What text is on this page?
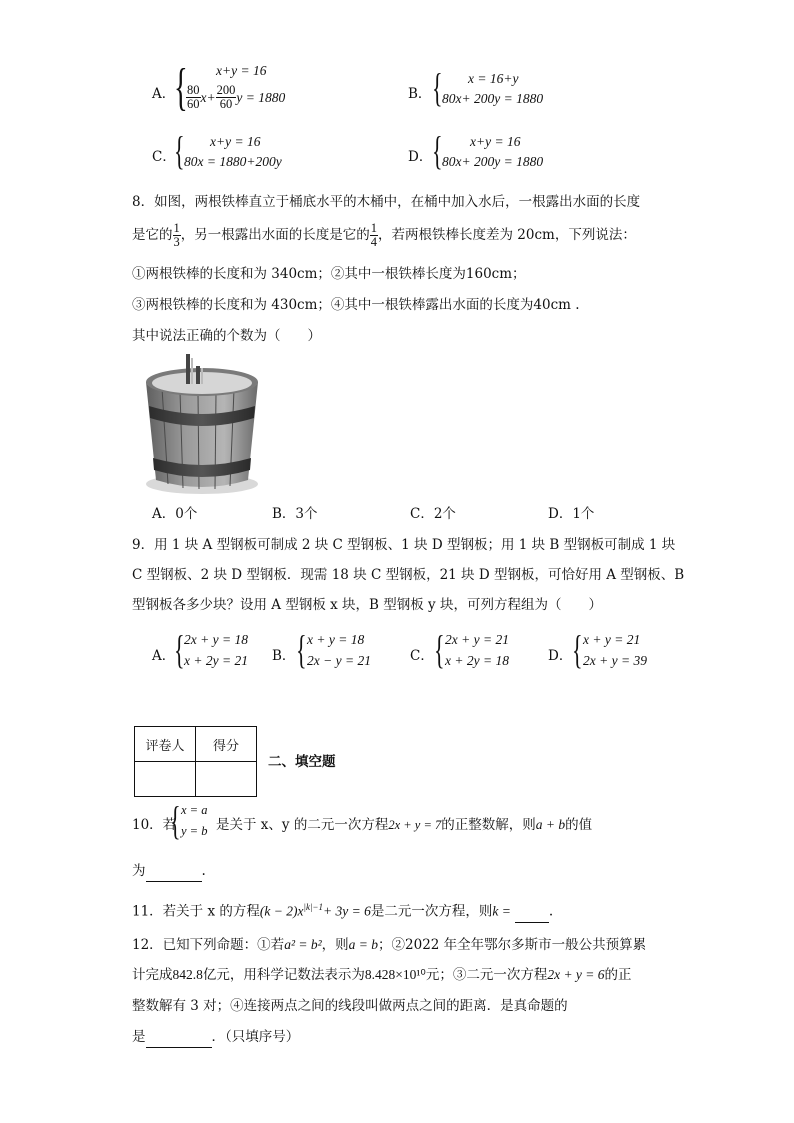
A．
{ x+y = 16
$\frac{80}{60} x+ \frac{200}{60}$ y = 1880	B． { x = 16+y
80x+ 200y = 1880
C．
{ x+y = 16
80x = 1880+200y	D． { x+y = 16
80x+ 200y = 1880
8．如图，两根铁棒直立于桶底水平的木桶中，在桶中加入水后，一根露出水面的长度
是它的 $\frac{1}{3}$ ，另一根露出水面的长度是它的 $\frac{1}{4}$ ，若两根铁棒长度差为 20cm，下列说法：
①两根铁棒的长度和为 340cm；②其中一根铁棒长度为160cm；
③两根铁棒的长度和为 430cm；④其中一根铁棒露出水面的长度为40cm .
其中说法正确的个数为（　　）
A．0个	B．3个	C．2个	D．1个
9．用 1 块 A 型钢板可制成 2 块 C 型钢板、1 块 D 型钢板；用 1 块 B 型钢板可制成 1 块
C 型钢板、2 块 D 型钢板．现需 18 块 C 型钢板，21 块 D 型钢板，可恰好用 A 型钢板、B
型钢板各多少块？设用 A 型钢板 x 块，B 型钢板 y 块，可列方程组为（　　）
A．
{ 2x + y = 18
x + 2y = 21 B． { x + y = 18
2x − y = 21	C． { 2x + y = 21
x + 2y = 18	D． { x + y = 21
2x + y = 39
评卷人	得分

二、填空题
10．若
{ x = a
y = b 是关于 x、y 的二元一次方程2x + y = 7的正整数解，则a + b的值
为	.
11．若关于 x 的方程$(k - 2)x^{|k|-1}+ 3y = 6$是二元一次方程，则k =	.
12．已知下列命题：①若a² = b²，则a = b；②2022 年全年鄂尔多斯市一般公共预算累
计完成842.8亿元，用科学记数法表示为8.428×10¹⁰元；③二元一次方程2x + y = 6的正
整数解有 3 对；④连接两点之间的线段叫做两点之间的距离．是真命题的
是	．（只填序号）
